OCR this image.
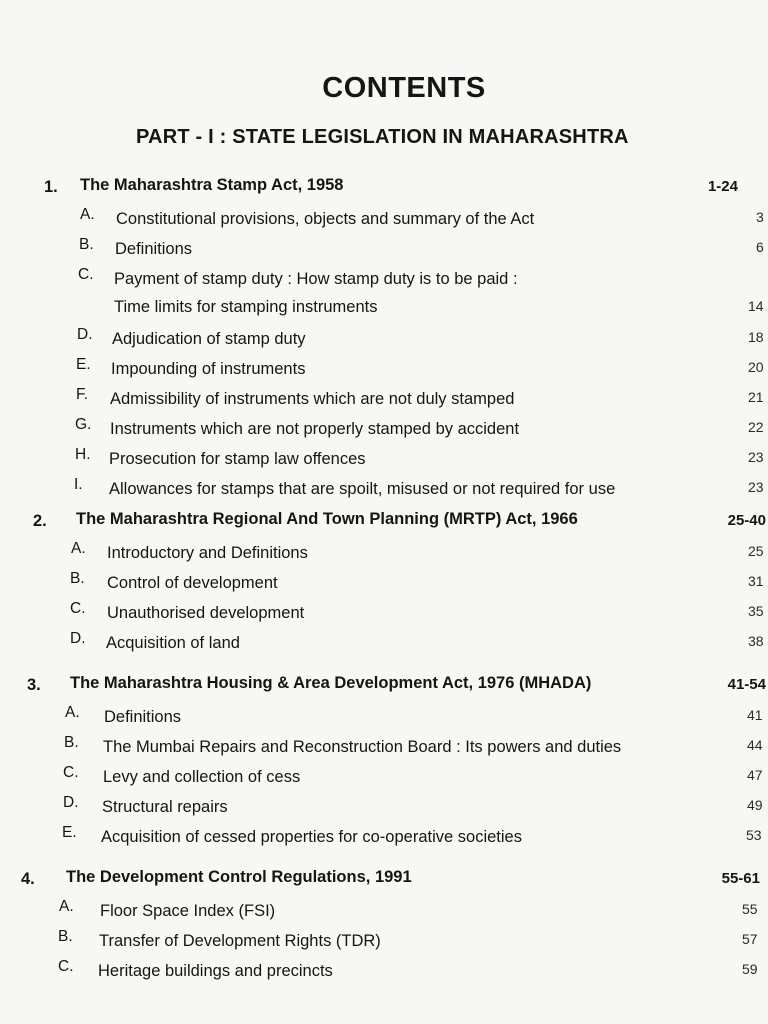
CONTENTS
PART - I : STATE LEGISLATION IN MAHARASHTRA
1. The Maharashtra Stamp Act, 1958	1-24
A. Constitutional provisions, objects and summary of the Act	3
B. Definitions	6
C. Payment of stamp duty : How stamp duty is to be paid :
Time limits for stamping instruments	14
D. Adjudication of stamp duty	18
E. Impounding of instruments	20
F. Admissibility of instruments which are not duly stamped	21
G. Instruments which are not properly stamped by accident	22
H. Prosecution for stamp law offences	23
I. Allowances for stamps that are spoilt, misused or not required for use	23
2. The Maharashtra Regional And Town Planning (MRTP) Act, 1966	25-40
A. Introductory and Definitions	25
B. Control of development	31
C. Unauthorised development	35
D. Acquisition of land	38
3. The Maharashtra Housing & Area Development Act, 1976 (MHADA)	41-54
A. Definitions	41
B. The Mumbai Repairs and Reconstruction Board : Its powers and duties	44
C. Levy and collection of cess	47
D. Structural repairs	49
E. Acquisition of cessed properties for co-operative societies	53
4. The Development Control Regulations, 1991	55-61
A. Floor Space Index (FSI)	55
B. Transfer of Development Rights (TDR)	57
C. Heritage buildings and precincts	59
